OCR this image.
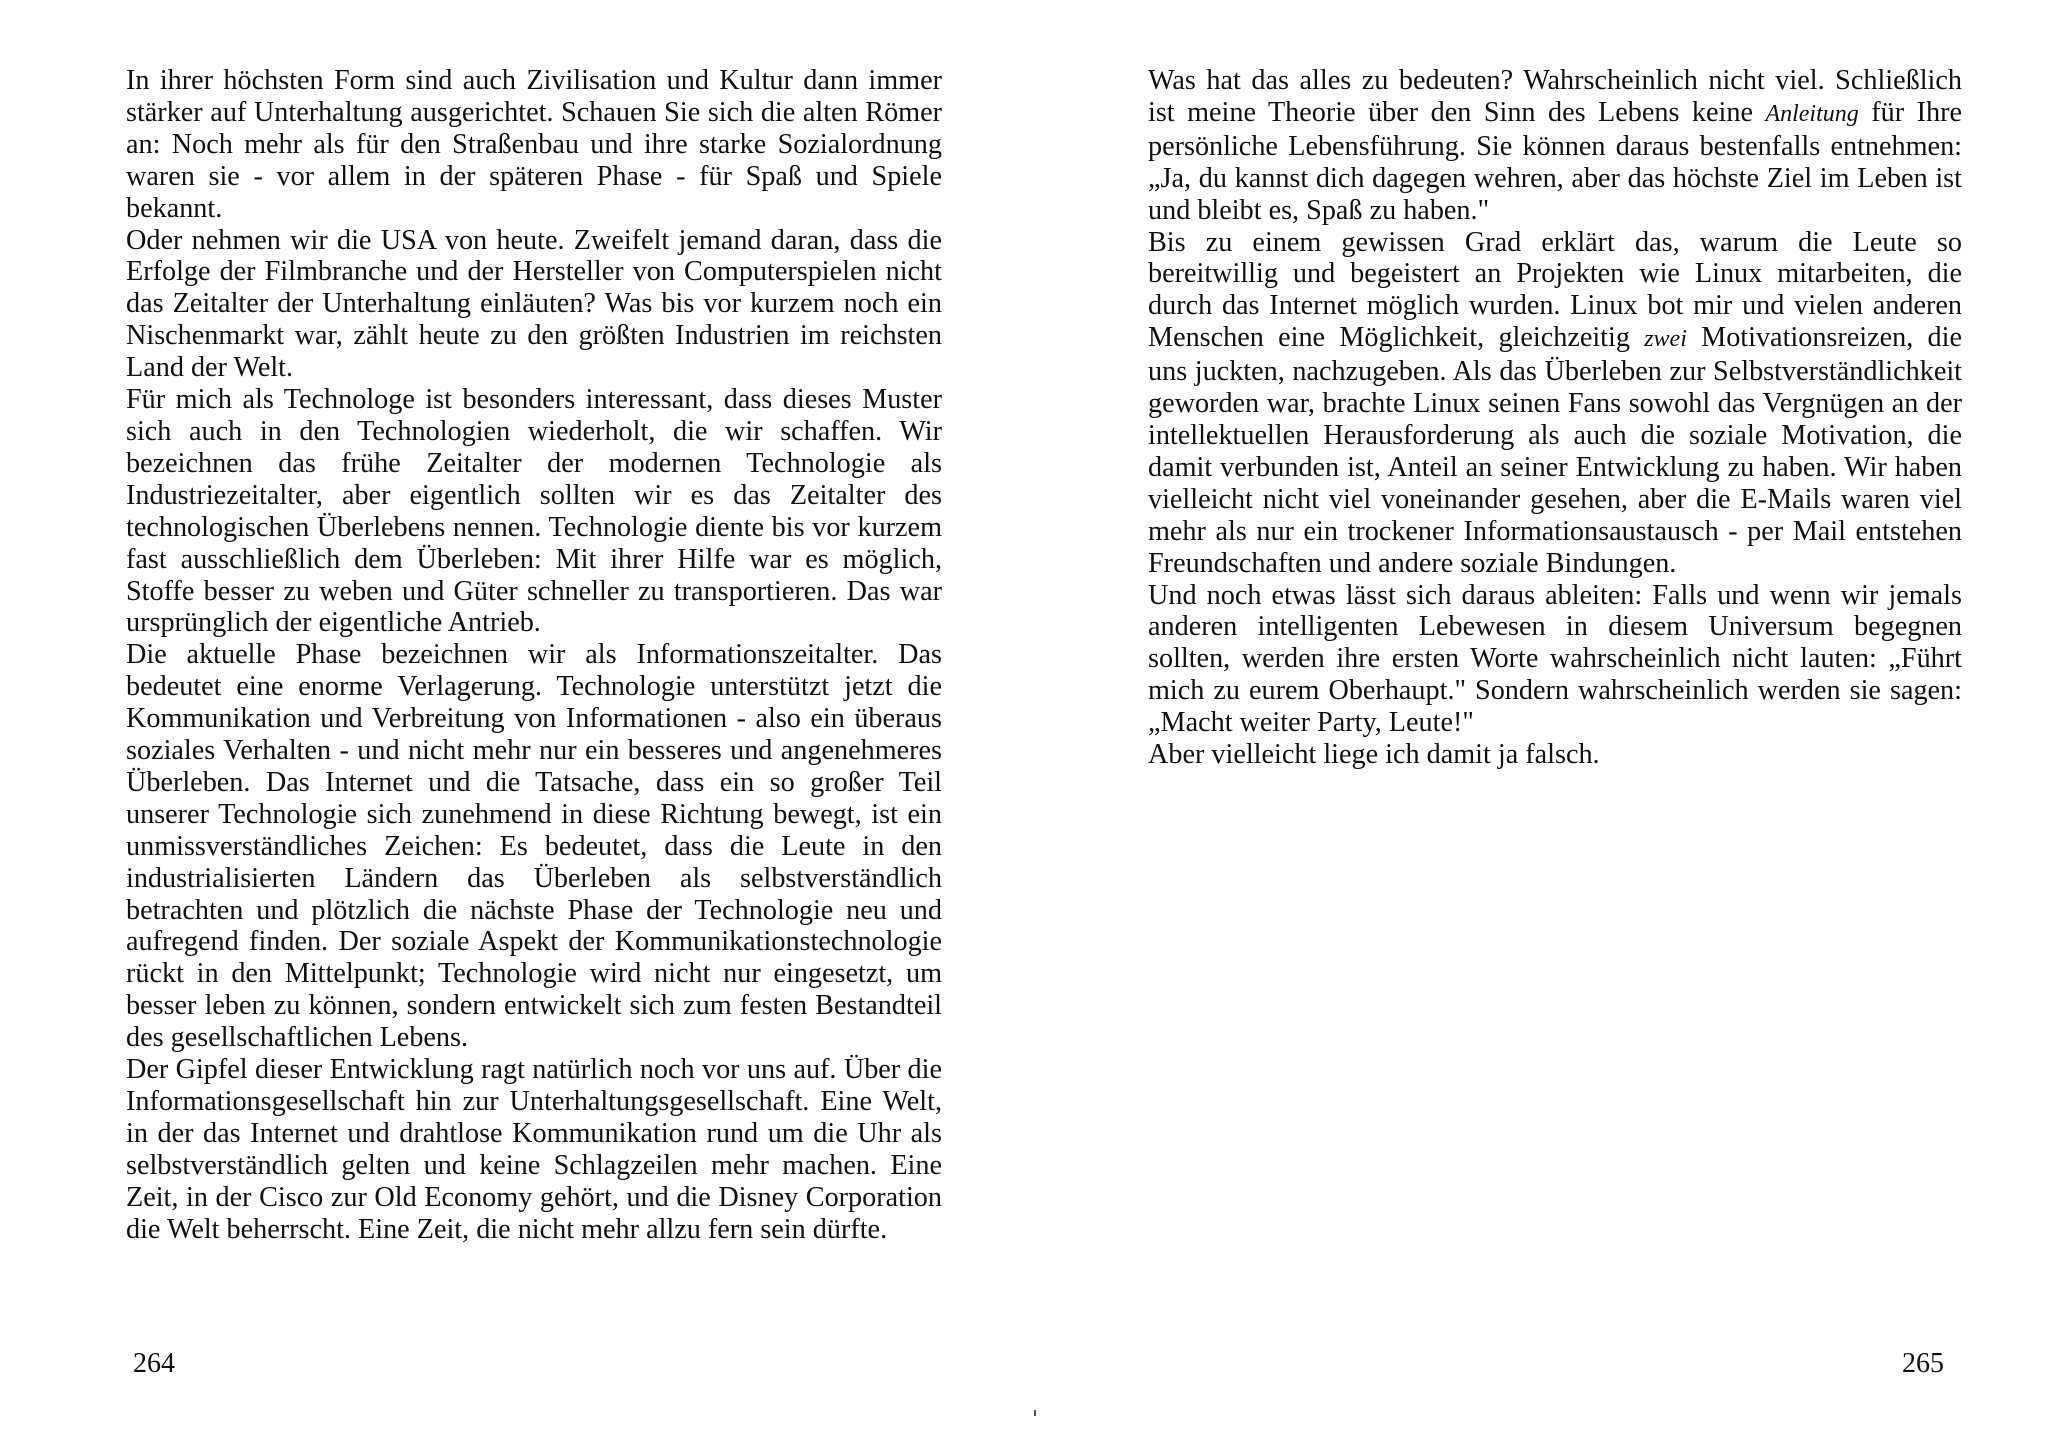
In ihrer höchsten Form sind auch Zivilisation und Kultur dann immer stärker auf Unterhaltung ausgerichtet. Schauen Sie sich die alten Römer an: Noch mehr als für den Straßenbau und ihre starke Sozialordnung waren sie - vor allem in der späteren Phase - für Spaß und Spiele bekannt.

Oder nehmen wir die USA von heute. Zweifelt jemand daran, dass die Erfolge der Filmbranche und der Hersteller von Computerspielen nicht das Zeitalter der Unterhaltung einläuten? Was bis vor kurzem noch ein Nischenmarkt war, zählt heute zu den größten Industrien im reichsten Land der Welt.

Für mich als Technologe ist besonders interessant, dass dieses Muster sich auch in den Technologien wiederholt, die wir schaffen. Wir bezeichnen das frühe Zeitalter der modernen Technologie als Industriezeitalter, aber eigentlich sollten wir es das Zeitalter des technologischen Überlebens nennen. Technologie diente bis vor kurzem fast ausschließlich dem Überleben: Mit ihrer Hilfe war es möglich, Stoffe besser zu weben und Güter schneller zu transportieren. Das war ursprünglich der eigentliche Antrieb.

Die aktuelle Phase bezeichnen wir als Informationszeitalter. Das bedeutet eine enorme Verlagerung. Technologie unterstützt jetzt die Kommunikation und Verbreitung von Informationen - also ein überaus soziales Verhalten - und nicht mehr nur ein besseres und angenehmeres Überleben. Das Internet und die Tatsache, dass ein so großer Teil unserer Technologie sich zunehmend in diese Richtung bewegt, ist ein unmissverständliches Zeichen: Es bedeutet, dass die Leute in den industrialisierten Ländern das Überleben als selbstverständlich betrachten und plötzlich die nächste Phase der Technologie neu und aufregend finden. Der soziale Aspekt der Kommunikationstechnologie rückt in den Mittelpunkt; Technologie wird nicht nur eingesetzt, um besser leben zu können, sondern entwickelt sich zum festen Bestandteil des gesellschaftlichen Lebens.

Der Gipfel dieser Entwicklung ragt natürlich noch vor uns auf. Über die Informationsgesellschaft hin zur Unterhaltungsgesellschaft. Eine Welt, in der das Internet und drahtlose Kommunikation rund um die Uhr als selbstverständlich gelten und keine Schlagzeilen mehr machen. Eine Zeit, in der Cisco zur Old Economy gehört, und die Disney Corporation die Welt beherrscht. Eine Zeit, die nicht mehr allzu fern sein dürfte.

264

Was hat das alles zu bedeuten? Wahrscheinlich nicht viel. Schließlich ist meine Theorie über den Sinn des Lebens keine Anleitung für Ihre persönliche Lebensführung. Sie können daraus bestenfalls entnehmen: „Ja, du kannst dich dagegen wehren, aber das höchste Ziel im Leben ist und bleibt es, Spaß zu haben."

Bis zu einem gewissen Grad erklärt das, warum die Leute so bereitwillig und begeistert an Projekten wie Linux mitarbeiten, die durch das Internet möglich wurden. Linux bot mir und vielen anderen Menschen eine Möglichkeit, gleichzeitig zwei Motivationsreizen, die uns juckten, nachzugeben. Als das Überleben zur Selbstverständlichkeit geworden war, brachte Linux seinen Fans sowohl das Vergnügen an der intellektuellen Herausforderung als auch die soziale Motivation, die damit verbunden ist, Anteil an seiner Entwicklung zu haben. Wir haben vielleicht nicht viel voneinander gesehen, aber die E-Mails waren viel mehr als nur ein trockener Informationsaustausch - per Mail entstehen Freundschaften und andere soziale Bindungen.

Und noch etwas lässt sich daraus ableiten: Falls und wenn wir jemals anderen intelligenten Lebewesen in diesem Universum begegnen sollten, werden ihre ersten Worte wahrscheinlich nicht lauten: „Führt mich zu eurem Oberhaupt." Sondern wahrscheinlich werden sie sagen: „Macht weiter Party, Leute!"

Aber vielleicht liege ich damit ja falsch.

265
